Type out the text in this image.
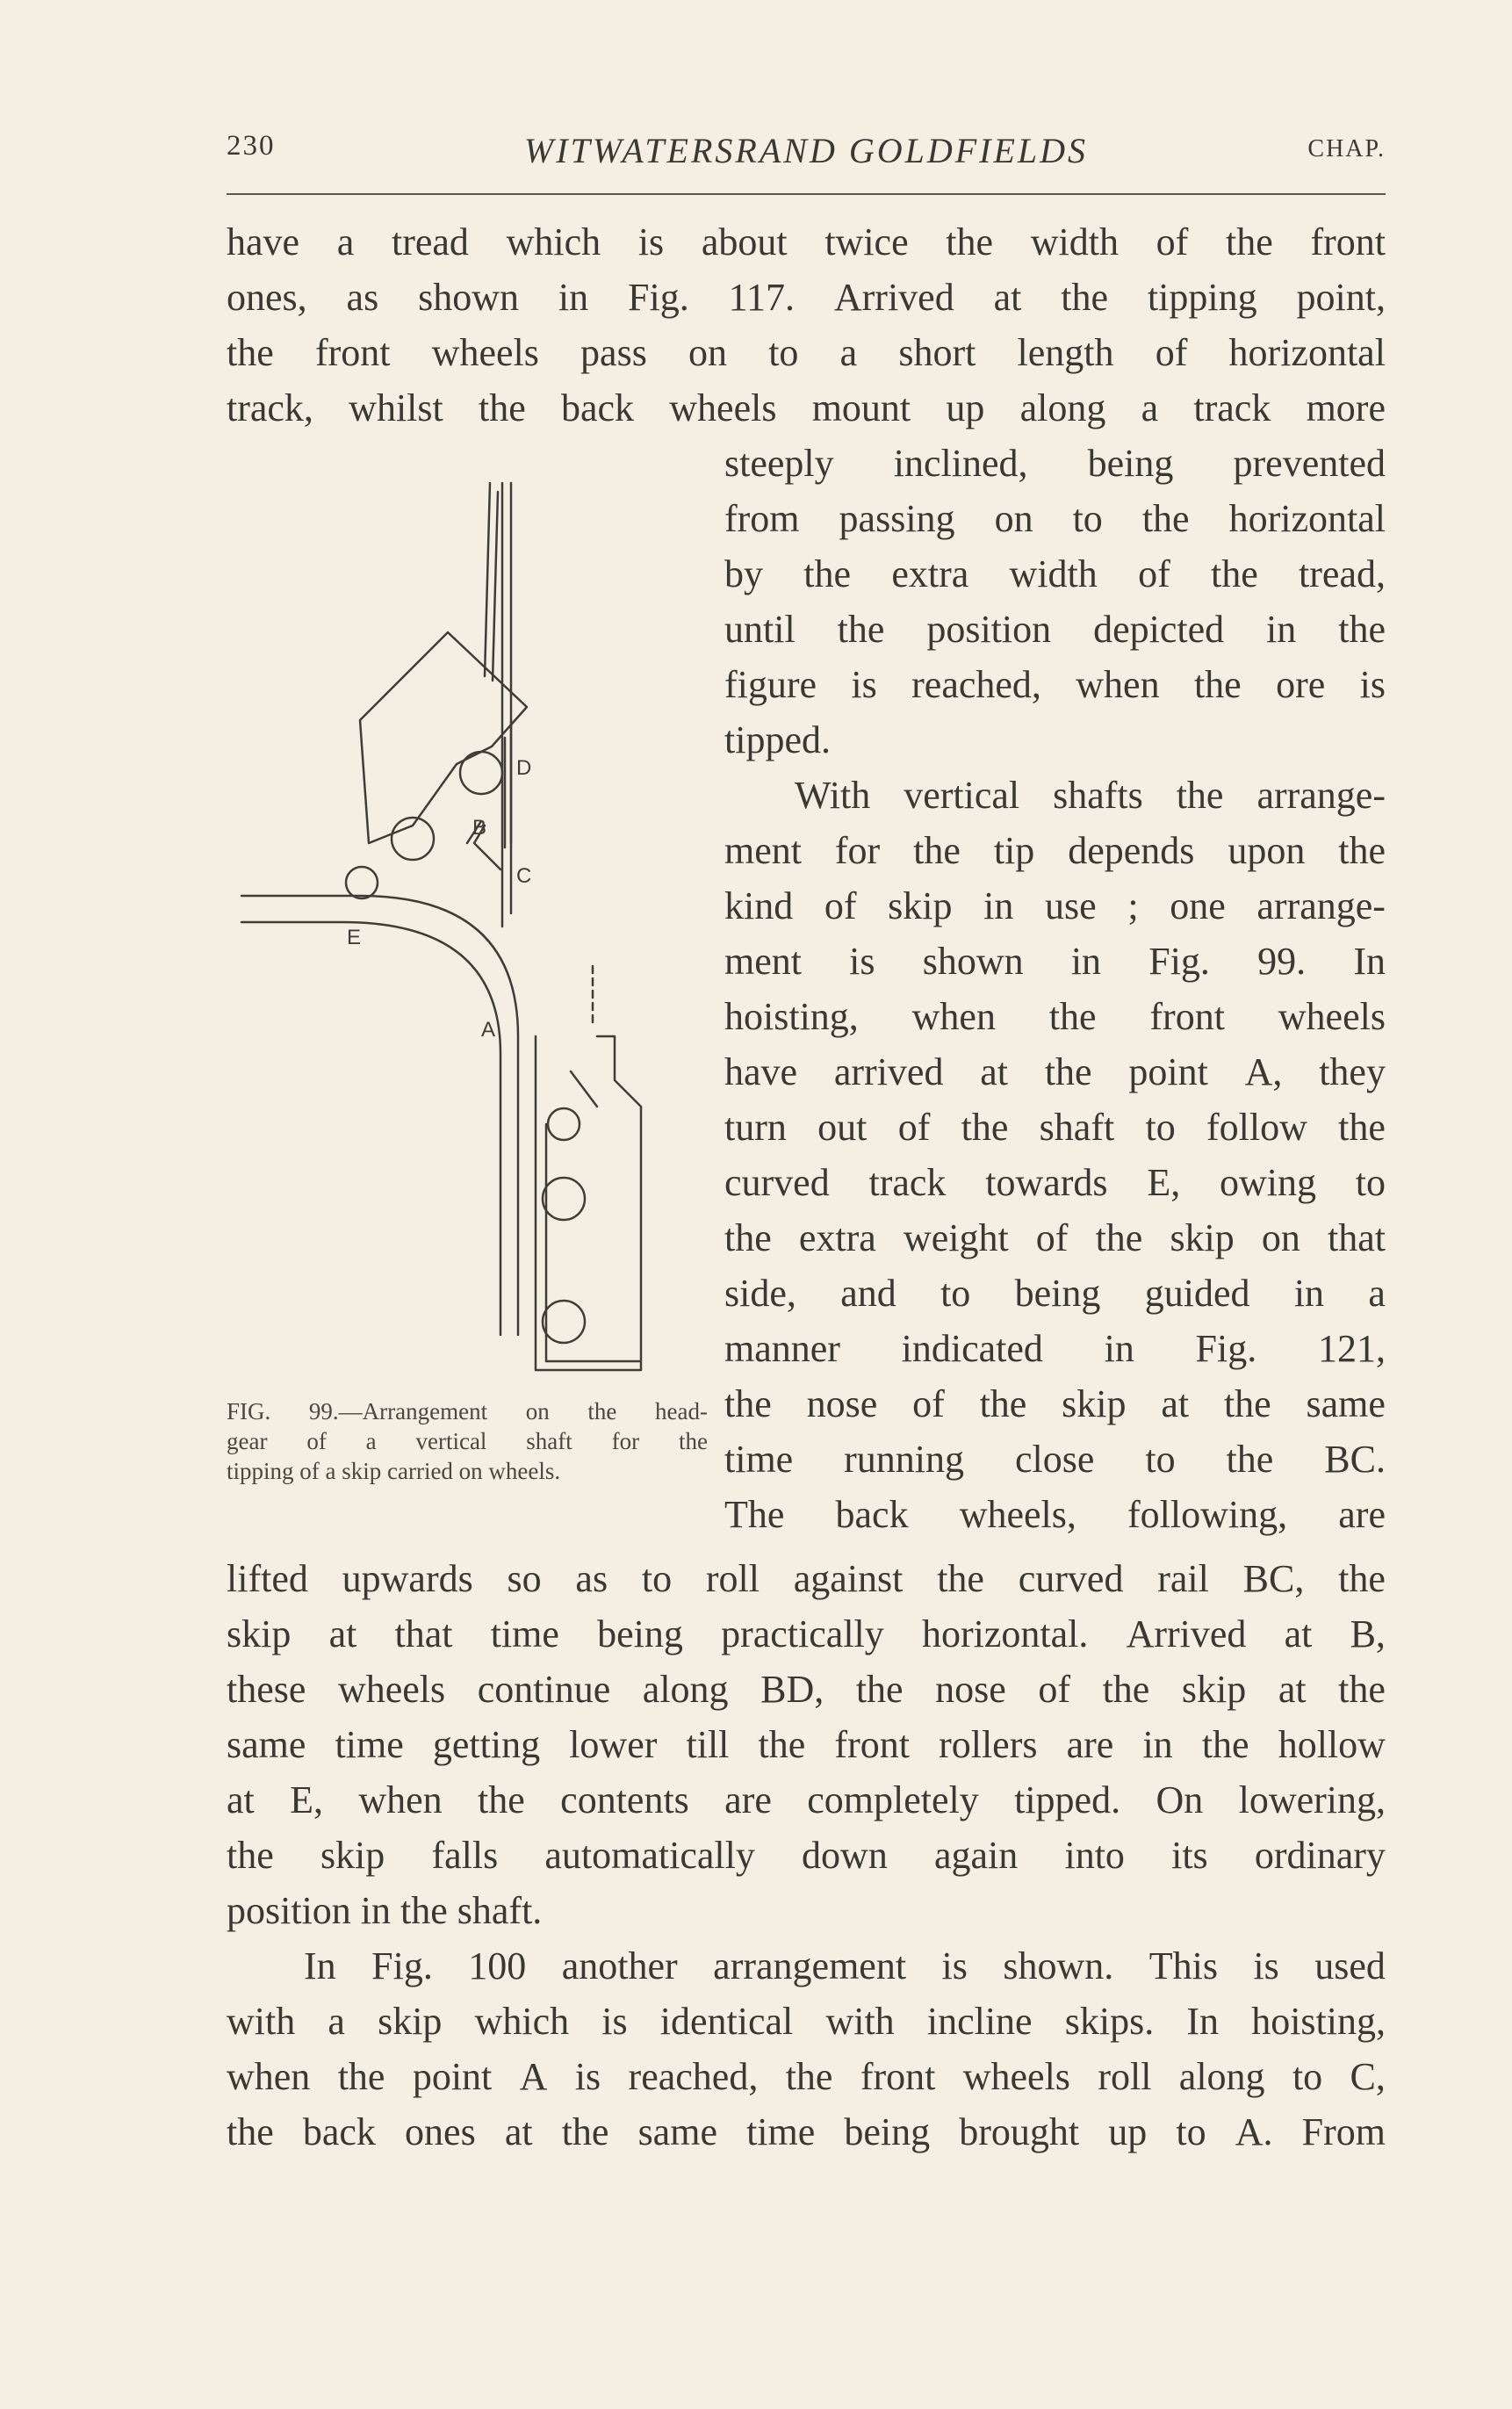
230	WITWATERSRAND GOLDFIELDS	CHAP.
have a tread which is about twice the width of the front
ones, as shown in Fig. 117. Arrived at the tipping point,
the front wheels pass on to a short length of horizontal
track, whilst the back wheels mount up along a track more
steeply inclined, being prevented
from passing on to the horizontal
by the extra width of the tread,
until the position depicted in the
figure is reached, when the ore is
tipped.
With vertical shafts the arrange-
ment for the tip depends upon the
kind of skip in use ; one arrange-
ment is shown in Fig. 99. In
hoisting, when the front wheels
have arrived at the point A, they
turn out of the shaft to follow the
curved track towards E, owing to
the extra weight of the skip on that
side, and to being guided in a
manner indicated in Fig. 121,
the nose of the skip at the same
time running close to the BC.
The back wheels, following, are
lifted upwards so as to roll against the curved rail BC, the
skip at that time being practically horizontal. Arrived at B,
these wheels continue along BD, the nose of the skip at the
same time getting lower till the front rollers are in the hollow
at E, when the contents are completely tipped. On lowering,
the skip falls automatically down again into its ordinary
position in the shaft.
In Fig. 100 another arrangement is shown. This is used
with a skip which is identical with incline skips. In hoisting,
when the point A is reached, the front wheels roll along to C,
the back ones at the same time being brought up to A. From
D
B
C
E
A
FIG. 99.—Arrangement on the head-
gear of a vertical shaft for the
tipping of a skip carried on wheels.
